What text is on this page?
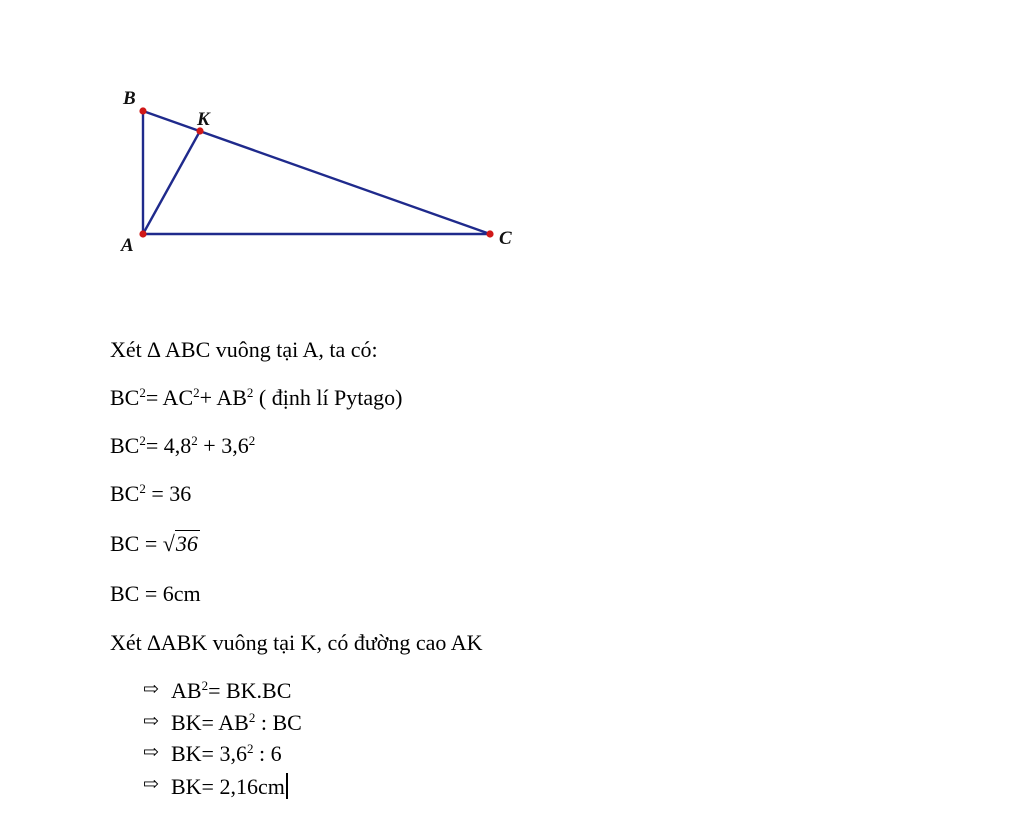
B
K
A	C
Xét ∆ ABC vuông tại A, ta có:
$BC^2= AC^2+ AB^2$ ( định lí Pytago)
$BC^2= 4,8^2 + 3,6^2$
$BC^2 = 36$
BC = √36
BC = 6cm
Xét ∆ABK vuông tại K, có đường cao AK
⇨ $AB^2= BK.BC$
⇨ $BK= AB^2$ : BC
⇨ $BK= 3,6^2$ : 6
⇨ BK= 2,16cm
